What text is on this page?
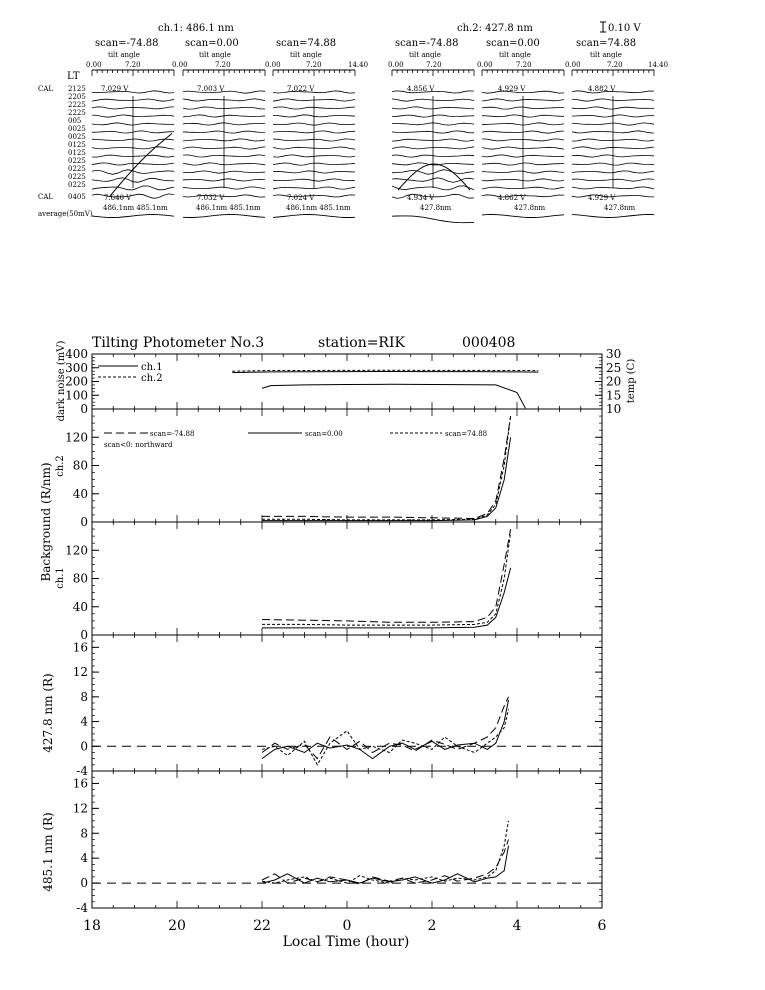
ch.1: 486.1 nm	ch.2: 427.8 nm	0.10 V
scan=-74.88	scan=0.00	scan=74.88	scan=-74.88	scan=0.00	scan=74.88
tilt angle	tilt angle	tilt angle	tilt angle	tilt angle	tilt angle
0.00	7.20	0.00	7.20	0.00	7.20	14.40	0.00	7.20	0.00	7.20	0.00	7.20	14.40
LT
CAL 2125
2205
2225
2225
005
0025
0025
0125
0125
0225
0225
0225
0225
CAL 0405
7.029 V	7.003 V	7.022 V	4.856 V	4.929 V	4.882 V
7.640 V	7.032 V	7.024 V	4.934 V	4.862 V	4.929 V
486.1nm 485.1nm	486.1nm 485.1nm	486.1nm 485.1nm	427.8nm	427.8nm	427.8nm
average(50mV)
Tilting Photometer No.3	station=RIK	000408
0
100
200
300
400
10
15
20
25
30
0
40
80
120
0
40
80
120
-4
0
4
8
12
16
-4
0
4
8
12
16
18	20	22	0	2	4	6
ch.1
ch.2
scan=-74.88	scan=0.00	scan=74.88
scan<0: northward
dark noise (mV)	temp (C)
Background (R/nm) ch.2
ch.1
427.8 nm (R)
485.1 nm (R)
Local Time (hour)
